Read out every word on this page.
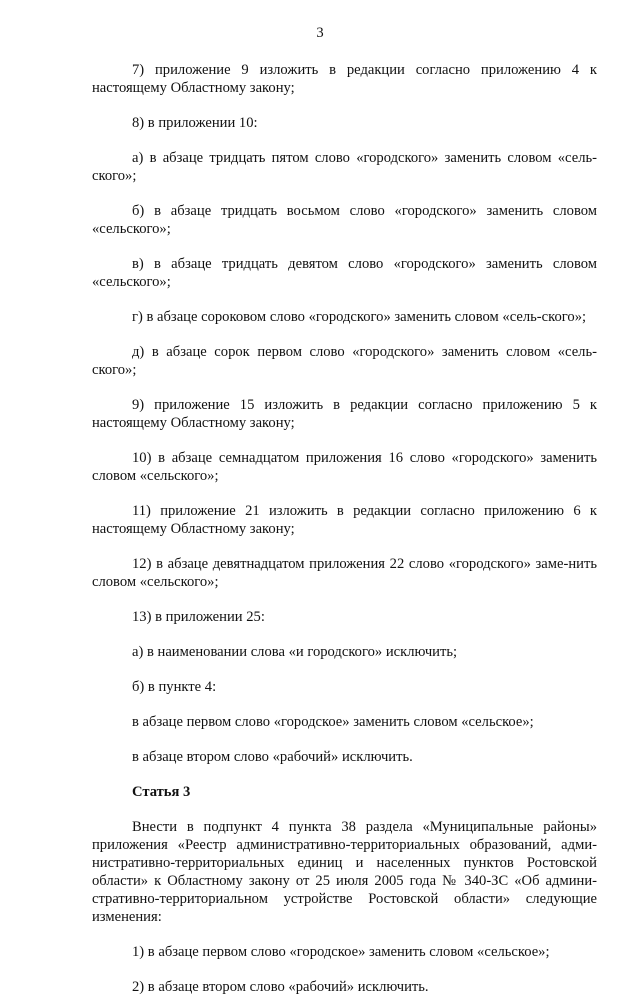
3

7) приложение 9 изложить в редакции согласно приложению 4 к настоящему Областному закону;

8) в приложении 10:

а) в абзаце тридцать пятом слово «городского» заменить словом «сель-ского»;

б) в абзаце тридцать восьмом слово «городского» заменить словом «сельского»;

в) в абзаце тридцать девятом слово «городского» заменить словом «сельского»;

г) в абзаце сороковом слово «городского» заменить словом «сель-ского»;

д) в абзаце сорок первом слово «городского» заменить словом «сель-ского»;

9) приложение 15 изложить в редакции согласно приложению 5 к настоящему Областному закону;

10) в абзаце семнадцатом приложения 16 слово «городского» заменить словом «сельского»;

11) приложение 21 изложить в редакции согласно приложению 6 к настоящему Областному закону;

12) в абзаце девятнадцатом приложения 22 слово «городского» заме-нить словом «сельского»;

13) в приложении 25:

а) в наименовании слова «и городского» исключить;

б) в пункте 4:

в абзаце первом слово «городское» заменить словом «сельское»;

в абзаце втором слово «рабочий» исключить.

Статья 3

Внести в подпункт 4 пункта 38 раздела «Муниципальные районы» приложения «Реестр административно-территориальных образований, адми-нистративно-территориальных единиц и населенных пунктов Ростовской области» к Областному закону от 25 июля 2005 года № 340-ЗС «Об админи-стративно-территориальном устройстве Ростовской области» следующие изменения:

1) в абзаце первом слово «городское» заменить словом «сельское»;

2) в абзаце втором слово «рабочий» исключить.
